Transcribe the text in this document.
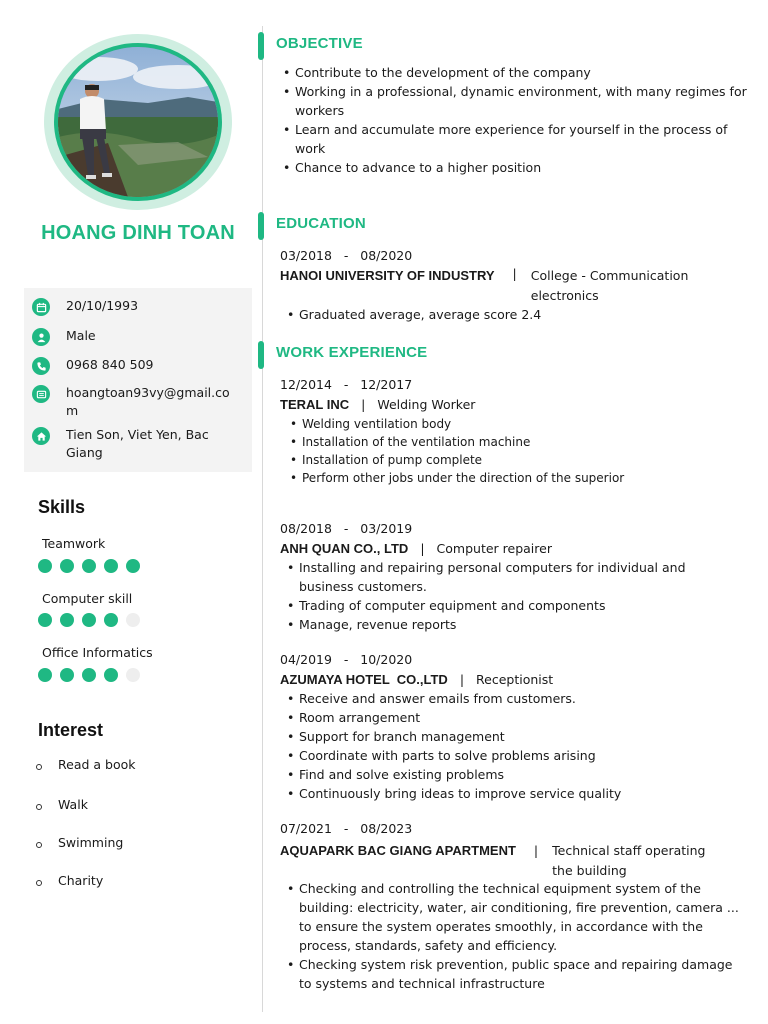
HOANG DINH TOAN
20/10/1993
Male
0968 840 509
hoangtoan93vy@gmail.com
Tien Son, Viet Yen, Bac Giang
Skills
Teamwork
Computer skill
Office Informatics
Interest
Read a book
Walk
Swimming
Charity
OBJECTIVE
• Contribute to the development of the company
• Working in a professional, dynamic environment, with many regimes for workers
• Learn and accumulate more experience for yourself in the process of work
• Chance to advance to a higher position
EDUCATION
03/2018   -   08/2020
HANOI UNIVERSITY OF INDUSTRY | College - Communication electronics
• Graduated average, average score 2.4
WORK EXPERIENCE
12/2014   -   12/2017
TERAL INC | Welding Worker
• Welding ventilation body
• Installation of the ventilation machine
• Installation of pump complete
• Perform other jobs under the direction of the superior
08/2018   -   03/2019
ANH QUAN CO., LTD | Computer repairer
• Installing and repairing personal computers for individual and business customers.
• Trading of computer equipment and components
• Manage, revenue reports
04/2019   -   10/2020
AZUMAYA HOTEL  CO.,LTD | Receptionist
• Receive and answer emails from customers.
• Room arrangement
• Support for branch management
• Coordinate with parts to solve problems arising
• Find and solve existing problems
• Continuously bring ideas to improve service quality
07/2021   -   08/2023
AQUAPARK BAC GIANG APARTMENT | Technical staff operating the building
• Checking and controlling the technical equipment system of the building: electricity, water, air conditioning, fire prevention, camera ... to ensure the system operates smoothly, in accordance with the process, standards, safety and efficiency.
• Checking system risk prevention, public space and repairing damage to systems and technical infrastructure
